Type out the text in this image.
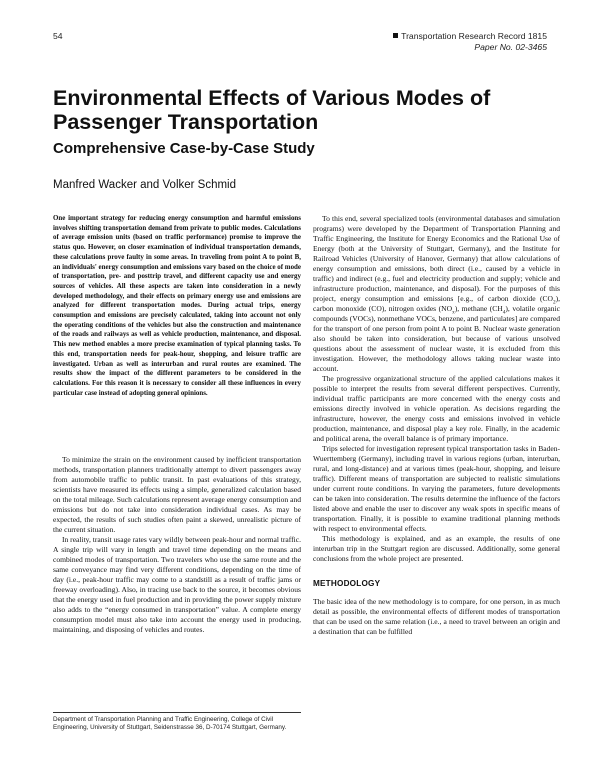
54	Transportation Research Record 1815
Paper No. 02-3465
Environmental Effects of Various Modes of Passenger Transportation
Comprehensive Case-by-Case Study
Manfred Wacker and Volker Schmid

One important strategy for reducing energy consumption and harmful emissions involves shifting transportation demand from private to public modes. Calculations of average emission units (based on traffic performance) promise to improve the status quo. However, on closer examination of individual transportation demands, these calculations prove faulty in some areas. In traveling from point A to point B, an individuals' energy consumption and emissions vary based on the choice of mode of transportation, pre- and posttrip travel, and different capacity use and energy sources of vehicles. All these aspects are taken into consideration in a newly developed methodology, and their effects on primary energy use and emissions are analyzed for different transportation modes. During actual trips, energy consumption and emissions are precisely calculated, taking into account not only the operating conditions of the vehicles but also the construction and maintenance of the roads and railways as well as vehicle production, maintenance, and disposal. This new method enables a more precise examination of typical planning tasks. To this end, transportation needs for peak-hour, shopping, and leisure traffic are investigated. Urban as well as interurban and rural routes are examined. The results show the impact of the different parameters to be considered in the calculations. For this reason it is necessary to consider all these influences in every particular case instead of adopting general opinions.

To minimize the strain on the environment caused by inefficient transportation methods, transportation planners traditionally attempt to divert passengers away from automobile traffic to public transit. In past evaluations of this strategy, scientists have measured its effects using a simple, generalized calculation based on the total mileage. Such calculations represent average energy consumption and emissions but do not take into consideration individual cases. As may be expected, the results of such studies often paint a skewed, unrealistic picture of the current situation.

In reality, transit usage rates vary wildly between peak-hour and normal traffic. A single trip will vary in length and travel time depending on the means and combined modes of transportation. Two travelers who use the same route and the same conveyance may find very different conditions, depending on the time of day (i.e., peak-hour traffic may come to a standstill as a result of traffic jams or freeway overloading). Also, in tracing use back to the source, it becomes obvious that the energy used in fuel production and in providing the power supply mixture also adds to the “energy consumed in transportation” value. A complete energy consumption model must also take into account the energy used in producing, maintaining, and disposing of vehicles and routes.

To this end, several specialized tools (environmental databases and simulation programs) were developed by the Department of Transportation Planning and Traffic Engineering, the Institute for Energy Economics and the Rational Use of Energy (both at the University of Stuttgart, Germany), and the Institute for Railroad Vehicles (University of Hanover, Germany) that allow calculations of energy consumption and emissions, both direct (i.e., caused by a vehicle in traffic) and indirect (e.g., fuel and electricity production and supply; vehicle and infrastructure production, maintenance, and disposal). For the purposes of this project, energy consumption and emissions [e.g., of carbon dioxide $(CO_2)$, carbon monoxide (CO), nitrogen oxides $(NO_x)$, methane $(CH_4)$, volatile organic compounds (VOCs), nonmethane VOCs, benzene, and particulates] are compared for the transport of one person from point A to point B. Nuclear waste generation also should be taken into consideration, but because of various unsolved questions about the assessment of nuclear waste, it is excluded from this investigation. However, the methodology allows taking nuclear waste into account.

The progressive organizational structure of the applied calculations makes it possible to interpret the results from several different perspectives. Currently, individual traffic participants are more concerned with the energy costs and emissions directly involved in vehicle operation. As decisions regarding the infrastructure, however, the energy costs and emissions involved in vehicle production, maintenance, and disposal play a key role. Finally, in the academic and political arena, the overall balance is of primary importance.

Trips selected for investigation represent typical transportation tasks in Baden-Wuerttemberg (Germany), including travel in various regions (urban, interurban, rural, and long-distance) and at various times (peak-hour, shopping, and leisure traffic). Different means of transportation are subjected to realistic simulations under current route conditions. In varying the parameters, future developments can be taken into consideration. The results determine the influence of the factors listed above and enable the user to discover any weak spots in specific means of transportation. Finally, it is possible to examine traditional planning methods with respect to environmental effects.

This methodology is explained, and as an example, the results of one interurban trip in the Stuttgart region are discussed. Additionally, some general conclusions from the whole project are presented.

METHODOLOGY

The basic idea of the new methodology is to compare, for one person, in as much detail as possible, the environmental effects of different modes of transportation that can be used on the same relation (i.e., a need to travel between an origin and a destination that can be fulfilled

Department of Transportation Planning and Traffic Engineering, College of Civil Engineering, University of Stuttgart, Seidenstrasse 36, D-70174 Stuttgart, Germany.
